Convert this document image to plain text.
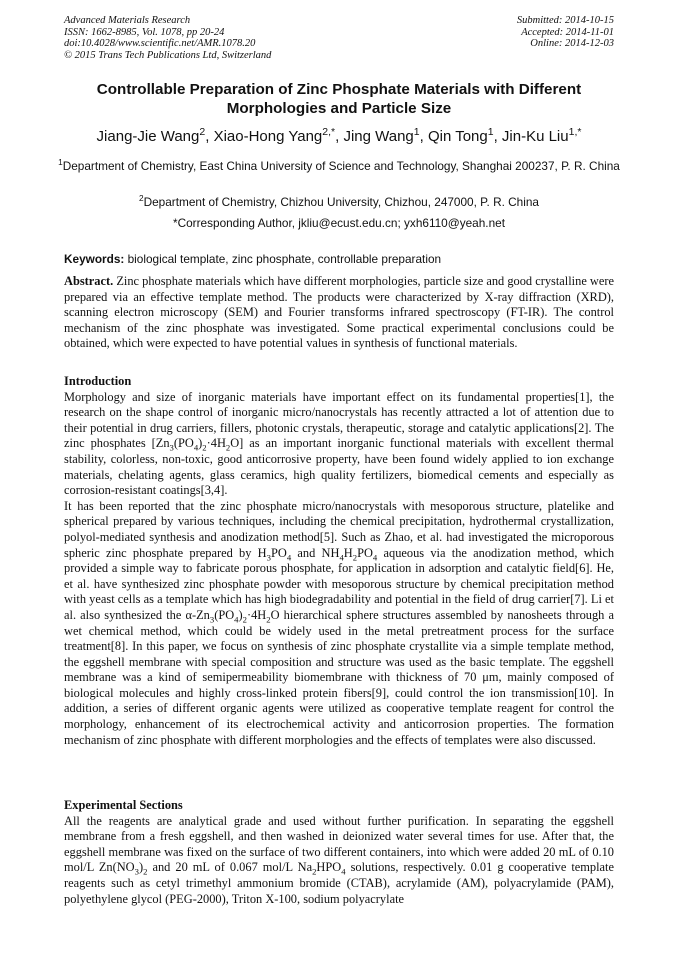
Advanced Materials Research
ISSN: 1662-8985, Vol. 1078, pp 20-24
doi:10.4028/www.scientific.net/AMR.1078.20
© 2015 Trans Tech Publications Ltd, Switzerland
Submitted: 2014-10-15
Accepted: 2014-11-01
Online: 2014-12-03
Controllable Preparation of Zinc Phosphate Materials with Different Morphologies and Particle Size
Jiang-Jie Wang$^2$, Xiao-Hong Yang$^{2,*}$, Jing Wang$^1$, Qin Tong$^1$, Jin-Ku Liu$^{1,*}$
$^1$Department of Chemistry, East China University of Science and Technology, Shanghai 200237, P. R. China
$^2$Department of Chemistry, Chizhou University, Chizhou, 247000, P. R. China
*Corresponding Author, jkliu@ecust.edu.cn; yxh6110@yeah.net
Keywords: biological template, zinc phosphate, controllable preparation

Abstract. Zinc phosphate materials which have different morphologies, particle size and good crystalline were prepared via an effective template method. The products were characterized by X-ray diffraction (XRD), scanning electron microscopy (SEM) and Fourier transforms infrared spectroscopy (FT-IR). The control mechanism of the zinc phosphate was investigated. Some practical experimental conclusions could be obtained, which were expected to have potential values in synthesis of functional materials.

Introduction

Morphology and size of inorganic materials have important effect on its fundamental properties[1], the research on the shape control of inorganic micro/nanocrystals has recently attracted a lot of attention due to their potential in drug carriers, fillers, photonic crystals, therapeutic, storage and catalytic applications[2]. The zinc phosphates $[Zn_3(PO_4)_2\cdot 4H_2O]$ as an important inorganic functional materials with excellent thermal stability, colorless, non-toxic, good anticorrosive property, have been found widely applied to ion exchange materials, chelating agents, glass ceramics, high quality fertilizers, biomedical cements and especially as corrosion-resistant coatings[3,4].

It has been reported that the zinc phosphate micro/nanocrystals with mesoporous structure, platelike and spherical prepared by various techniques, including the chemical precipitation, hydrothermal crystallization, polyol-mediated synthesis and anodization method[5]. Such as Zhao, et al. had investigated the microporous spheric zinc phosphate prepared by $H_3PO_4$ and $NH_4H_2PO_4$ aqueous via the anodization method, which provided a simple way to fabricate porous phosphate, for application in adsorption and catalytic field[6]. He, et al. have synthesized zinc phosphate powder with mesoporous structure by chemical precipitation method with yeast cells as a template which has high biodegradability and potential in the field of drug carrier[7]. Li et al. also synthesized the $\alpha-Zn_3(PO_4)_2\cdot 4H_2O$ hierarchical sphere structures assembled by nanosheets through a wet chemical method, which could be widely used in the metal pretreatment process for the surface treatment[8]. In this paper, we focus on synthesis of zinc phosphate crystallite via a simple template method, the eggshell membrane with special composition and structure was used as the basic template. The eggshell membrane was a kind of semipermeability biomembrane with thickness of 70 μm, mainly composed of biological molecules and highly cross-linked protein fibers[9], could control the ion transmission[10]. In addition, a series of different organic agents were utilized as cooperative template reagent for control the morphology, enhancement of its electrochemical activity and anticorrosion properties. The formation mechanism of zinc phosphate with different morphologies and the effects of templates were also discussed.

Experimental Sections

All the reagents are analytical grade and used without further purification. In separating the eggshell membrane from a fresh eggshell, and then washed in deionized water several times for use. After that, the eggshell membrane was fixed on the surface of two different containers, into which were added 20 mL of 0.10 mol/L $Zn(NO_3)_2$ and 20 mL of 0.067 mol/L $Na_2HPO_4$ solutions, respectively. 0.01 g cooperative template reagents such as cetyl trimethyl ammonium bromide (CTAB), acrylamide (AM), polyacrylamide (PAM), polyethylene glycol (PEG-2000), Triton X-100, sodium polyacrylate
